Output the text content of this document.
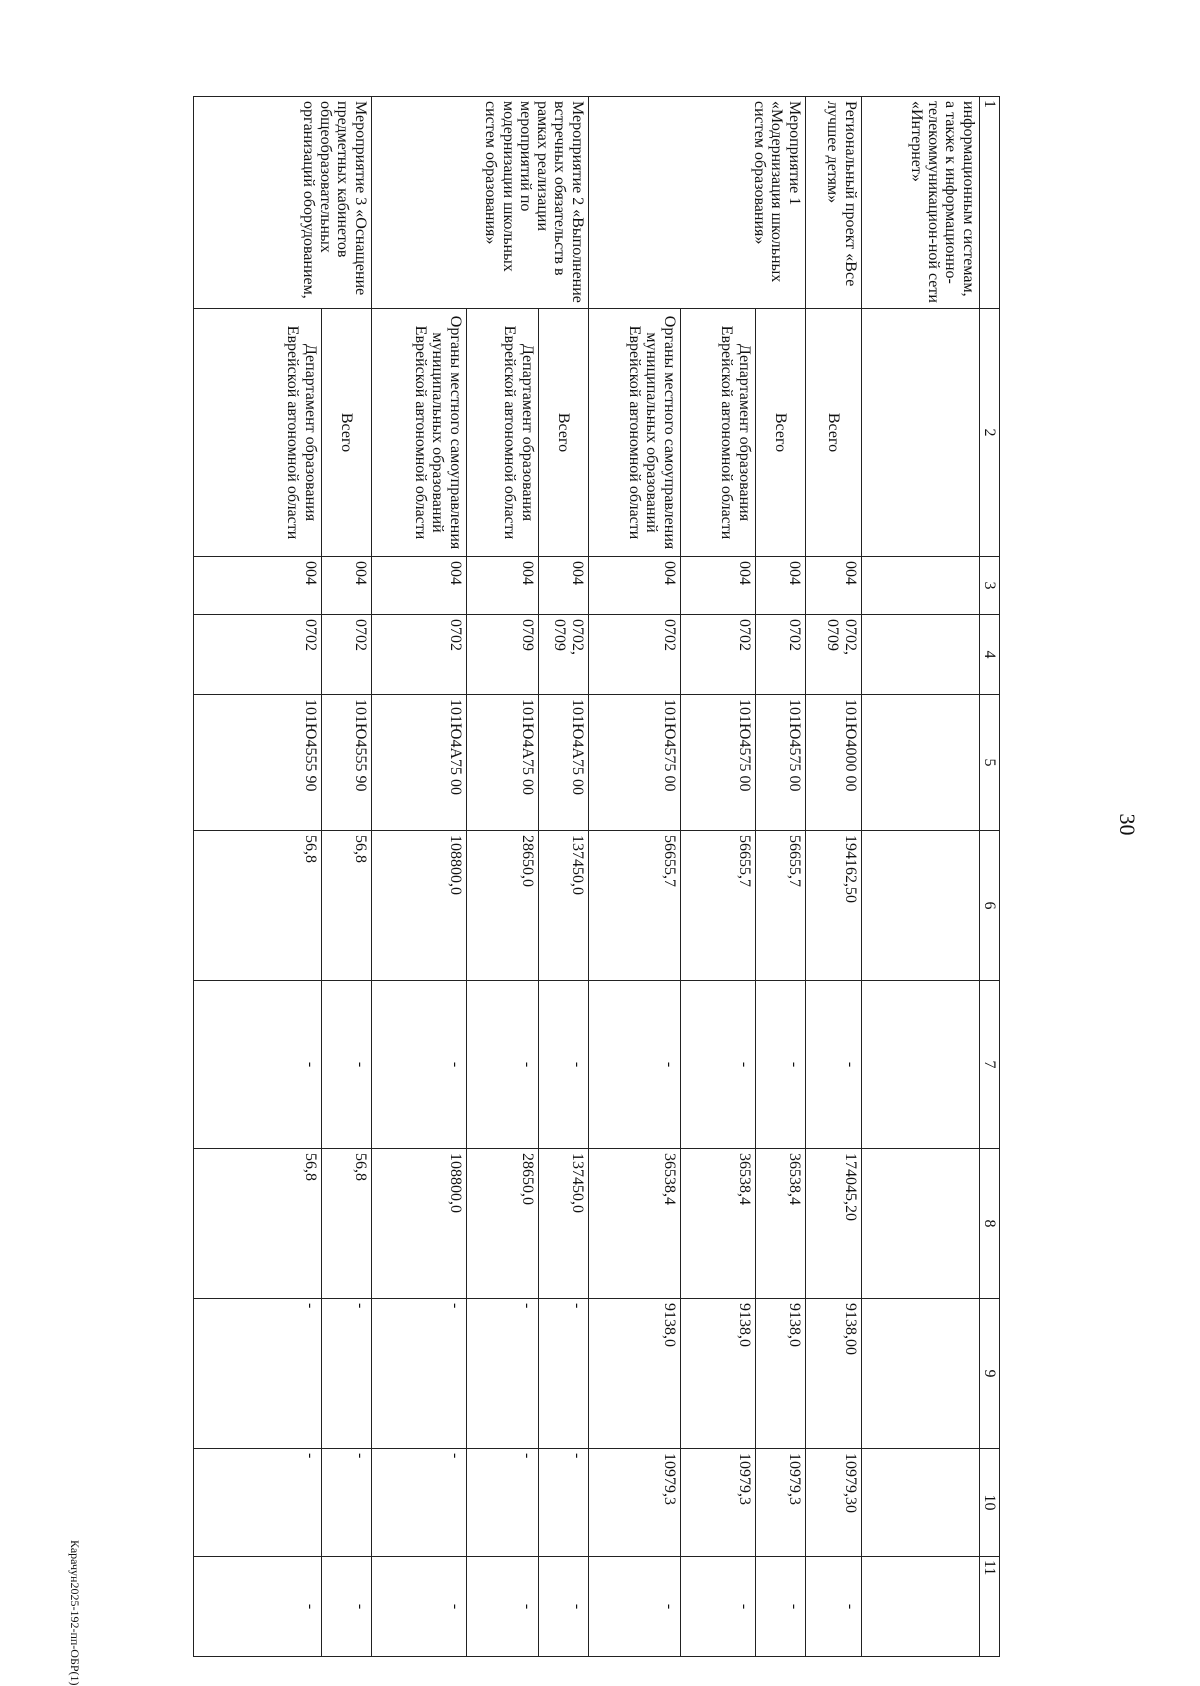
30
1	2	3	4	5	6	7	8	9	10	11
информационным системам, а также к информационно-телекоммуникацион-ной сети «Интернет»										
Региональный проект «Все лучшее детям»	Всего	004	0702, 0709	101Ю4000 00	194162,50	-	174045,20	9138,00	10979,30	-
Мероприятие 1 «Модернизация школьных систем образования»	Всего	004	0702	101Ю4575 00	56655,7	-	36538,4	9138,0	10979,3	-
	Департамент образования Еврейской автономной области	004	0702	101Ю4575 00	56655,7	-	36538,4	9138,0	10979,3	-
	Органы местного самоуправления муниципальных образований Еврейской автономной области	004	0702	101Ю4575 00	56655,7	-	36538,4	9138,0	10979,3	-
Мероприятие 2 «Выполнение встречных обязательств в рамках реализации мероприятий по модернизации школьных систем образования»	Всего	004	0702, 0709	101Ю4А75 00	137450,0	-	137450,0	-	-	-
	Департамент образования Еврейской автономной области	004	0709	101Ю4А75 00	28650,0	-	28650,0	-	-	-
	Органы местного самоуправления муниципальных образований Еврейской автономной области	004	0702	101Ю4А75 00	108800,0	-	108800,0	-	-	-
Мероприятие 3 «Оснащение предметных кабинетов общеобразовательных организаций оборудованием,	Всего	004	0702	101Ю4555 90	56,8	-	56,8	-	-	-
	Департамент образования Еврейской автономной области	004	0702	101Ю4555 90	56,8	-	56,8	-	-	-
Карачун2025-192-пп-ОБР(1)
